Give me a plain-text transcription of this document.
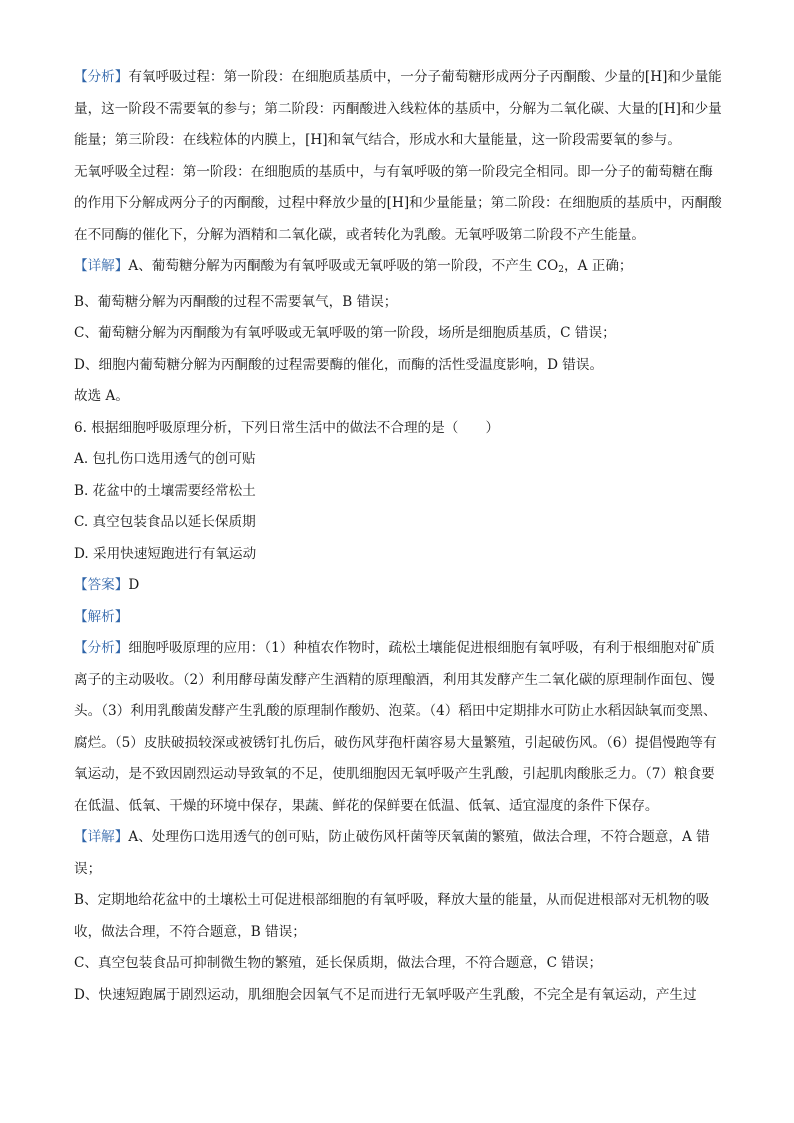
【分析】有氧呼吸过程：第一阶段：在细胞质基质中，一分子葡萄糖形成两分子丙酮酸、少量的[H]和少量能量，这一阶段不需要氧的参与；第二阶段：丙酮酸进入线粒体的基质中，分解为二氧化碳、大量的[H]和少量能量；第三阶段：在线粒体的内膜上，[H]和氧气结合，形成水和大量能量，这一阶段需要氧的参与。

无氧呼吸全过程：第一阶段：在细胞质的基质中，与有氧呼吸的第一阶段完全相同。即一分子的葡萄糖在酶的作用下分解成两分子的丙酮酸，过程中释放少量的[H]和少量能量；第二阶段：在细胞质的基质中，丙酮酸在不同酶的催化下，分解为酒精和二氧化碳，或者转化为乳酸。无氧呼吸第二阶段不产生能量。

【详解】A、葡萄糖分解为丙酮酸为有氧呼吸或无氧呼吸的第一阶段，不产生 $CO_2$，A 正确；

B、葡萄糖分解为丙酮酸的过程不需要氧气，B 错误；

C、葡萄糖分解为丙酮酸为有氧呼吸或无氧呼吸的第一阶段，场所是细胞质基质，C 错误；

D、细胞内葡萄糖分解为丙酮酸的过程需要酶的催化，而酶的活性受温度影响，D 错误。

故选 A。

6. 根据细胞呼吸原理分析，下列日常生活中的做法不合理的是（　　）

A. 包扎伤口选用透气的创可贴

B. 花盆中的土壤需要经常松土

C. 真空包装食品以延长保质期

D. 采用快速短跑进行有氧运动

【答案】D

【解析】

【分析】细胞呼吸原理的应用：（1）种植农作物时，疏松土壤能促进根细胞有氧呼吸，有利于根细胞对矿质离子的主动吸收。（2）利用酵母菌发酵产生酒精的原理酿酒，利用其发酵产生二氧化碳的原理制作面包、馒头。（3）利用乳酸菌发酵产生乳酸的原理制作酸奶、泡菜。（4）稻田中定期排水可防止水稻因缺氧而变黑、腐烂。（5）皮肤破损较深或被锈钉扎伤后，破伤风芽孢杆菌容易大量繁殖，引起破伤风。（6）提倡慢跑等有氧运动，是不致因剧烈运动导致氧的不足，使肌细胞因无氧呼吸产生乳酸，引起肌肉酸胀乏力。（7）粮食要在低温、低氧、干燥的环境中保存，果蔬、鲜花的保鲜要在低温、低氧、适宜湿度的条件下保存。

【详解】A、处理伤口选用透气的创可贴，防止破伤风杆菌等厌氧菌的繁殖，做法合理，不符合题意，A 错误；

B、定期地给花盆中的土壤松土可促进根部细胞的有氧呼吸，释放大量的能量，从而促进根部对无机物的吸收，做法合理，不符合题意，B 错误；

C、真空包装食品可抑制微生物的繁殖，延长保质期，做法合理，不符合题意，C 错误；

D、快速短跑属于剧烈运动，肌细胞会因氧气不足而进行无氧呼吸产生乳酸，不完全是有氧运动，产生过
